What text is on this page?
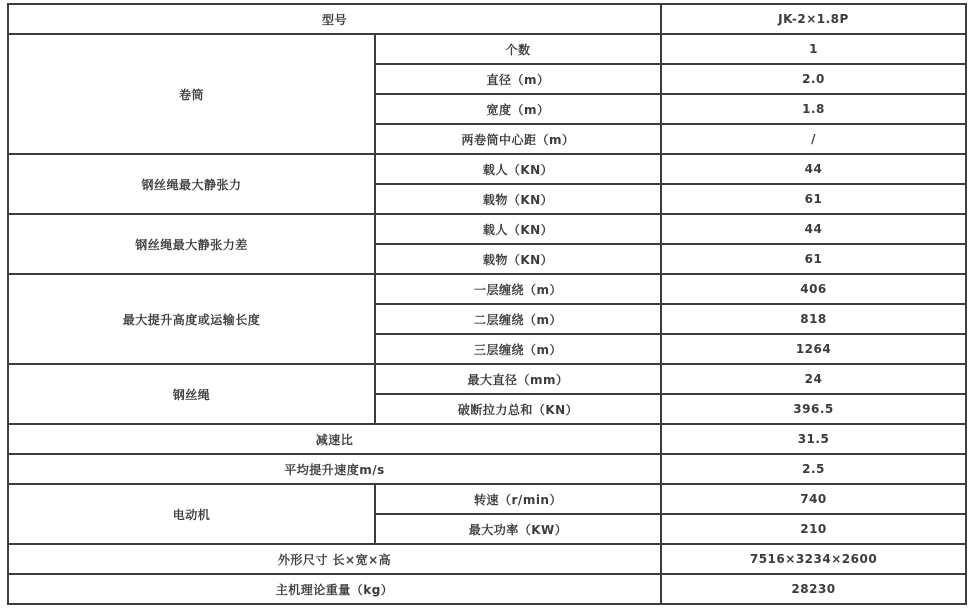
型号		JK-2×1.8P
卷筒	个数	1
	直径（m）	2.0
	宽度（m）	1.8
	两卷筒中心距（m）	/
钢丝绳最大静张力	载人（KN）	44
	载物（KN）	61
钢丝绳最大静张力差	载人（KN）	44
	载物（KN）	61
最大提升高度或运输长度	一层缠绕（m）	406
	二层缠绕（m）	818
	三层缠绕（m）	1264
钢丝绳	最大直径（mm）	24
	破断拉力总和（KN）	396.5
减速比		31.5
平均提升速度m/s		2.5
电动机	转速（r/min）	740
	最大功率（KW）	210
外形尺寸 长×宽×高		7516×3234×2600
主机理论重量（kg）		28230
